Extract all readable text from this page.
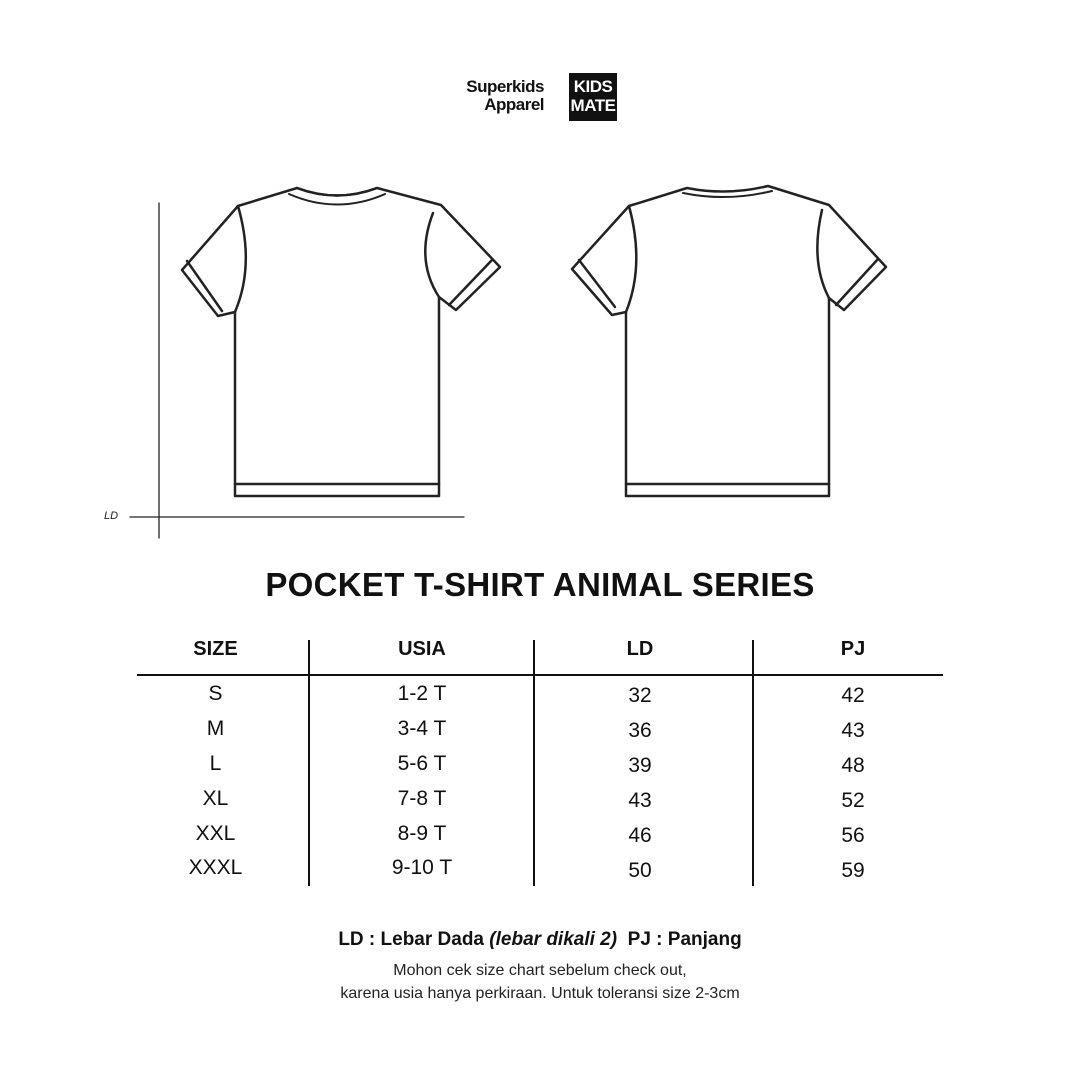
Superkids
Apparel
KIDS
MATE
LD
POCKET T-SHIRT ANIMAL SERIES
SIZE	USIA	LD	PJ
S	1-2 T	32	42
M	3-4 T	36	43
L	5-6 T	39	48
XL	7-8 T	43	52
XXL	8-9 T	46	56
XXXL	9-10 T	50	59
LD : Lebar Dada (lebar dikali 2) PJ : Panjang
Mohon cek size chart sebelum check out,
karena usia hanya perkiraan. Untuk toleransi size 2-3cm
